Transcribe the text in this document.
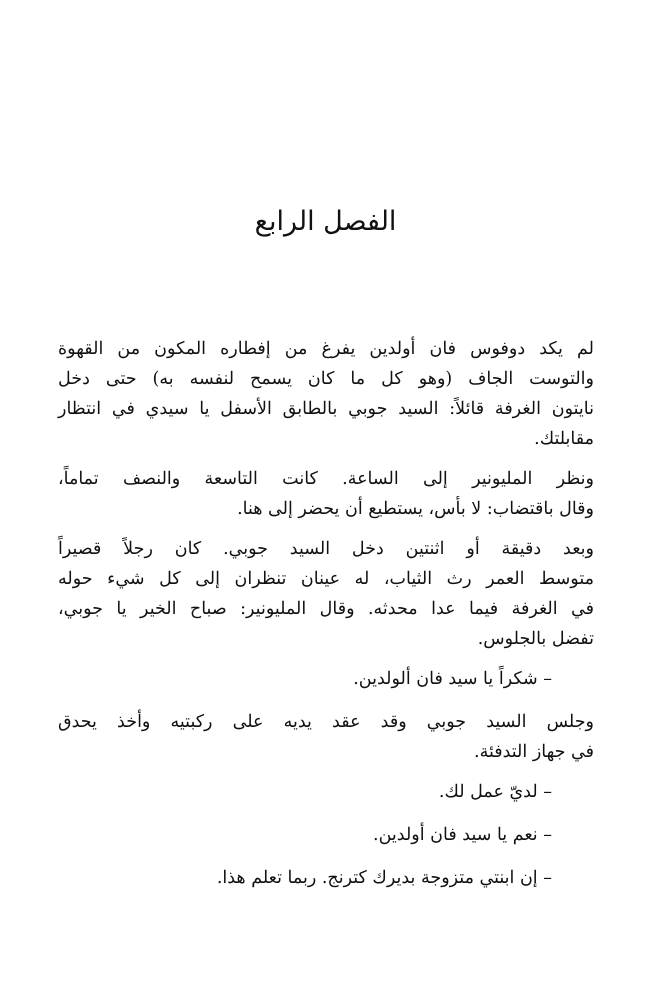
الفصل الرابع

لم يكد دوفوس فان أولدين يفرغ من إفطاره المكون من القهوة
والتوست الجاف (وهو كل ما كان يسمح لنفسه به) حتى دخل
نايتون الغرفة قائلاً: السيد جوبي بالطابق الأسفل يا سيدي في انتظار
مقابلتك.

ونظر المليونير إلى الساعة. كانت التاسعة والنصف تماماً،
وقال باقتضاب: لا بأس، يستطيع أن يحضر إلى هنا.

وبعد دقيقة أو اثنتين دخل السيد جوبي. كان رجلاً قصيراً
متوسط العمر رث الثياب، له عينان تنظران إلى كل شيء حوله
في الغرفة فيما عدا محدثه. وقال المليونير: صباح الخير يا جوبي،
تفضل بالجلوس.

– شكراً يا سيد فان ألولدين.

وجلس السيد جوبي وقد عقد يديه على ركبتيه وأخذ يحدق
في جهاز التدفئة.

– لديّ عمل لك.

– نعم يا سيد فان أولدين.

– إن ابنتي متزوجة بديرك كترنج. ربما تعلم هذا.
